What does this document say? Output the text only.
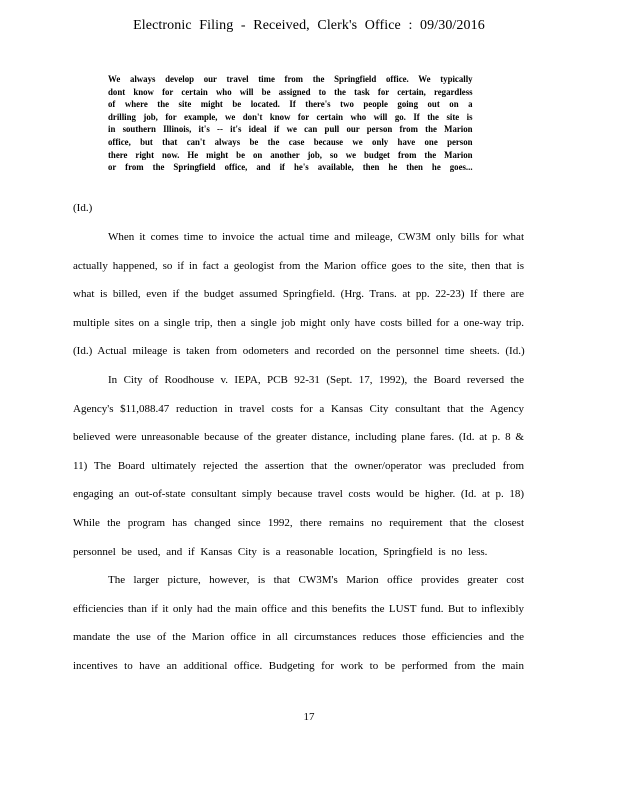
Electronic Filing - Received, Clerk's Office : 09/30/2016
We always develop our travel time from the Springfield office. We typically
dont know for certain who will be assigned to the task for certain, regardless
of where the site might be located. If there's two people going out on a
drilling job, for example, we don't know for certain who will go. If the site is
in southern Illinois, it's -- it's ideal if we can pull our person from the Marion
office, but that can't always be the case because we only have one person
there right now. He might be on another job, so we budget from the Marion
or from the Springfield office, and if he's available, then he then he goes...
(Id.)
When it comes time to invoice the actual time and mileage, CW3M only bills for what
actually happened, so if in fact a geologist from the Marion office goes to the site, then that is
what is billed, even if the budget assumed Springfield. (Hrg. Trans. at pp. 22-23) If there are
multiple sites on a single trip, then a single job might only have costs billed for a one-way trip.
(Id.) Actual mileage is taken from odometers and recorded on the personnel time sheets. (Id.)
In City of Roodhouse v. IEPA, PCB 92-31 (Sept. 17, 1992), the Board reversed the
Agency's $11,088.47 reduction in travel costs for a Kansas City consultant that the Agency
believed were unreasonable because of the greater distance, including plane fares. (Id. at p. 8 &
11) The Board ultimately rejected the assertion that the owner/operator was precluded from
engaging an out-of-state consultant simply because travel costs would be higher. (Id. at p. 18)
While the program has changed since 1992, there remains no requirement that the closest
personnel be used, and if Kansas City is a reasonable location, Springfield is no less.
The larger picture, however, is that CW3M's Marion office provides greater cost
efficiencies than if it only had the main office and this benefits the LUST fund. But to inflexibly
mandate the use of the Marion office in all circumstances reduces those efficiencies and the
incentives to have an additional office. Budgeting for work to be performed from the main
17
